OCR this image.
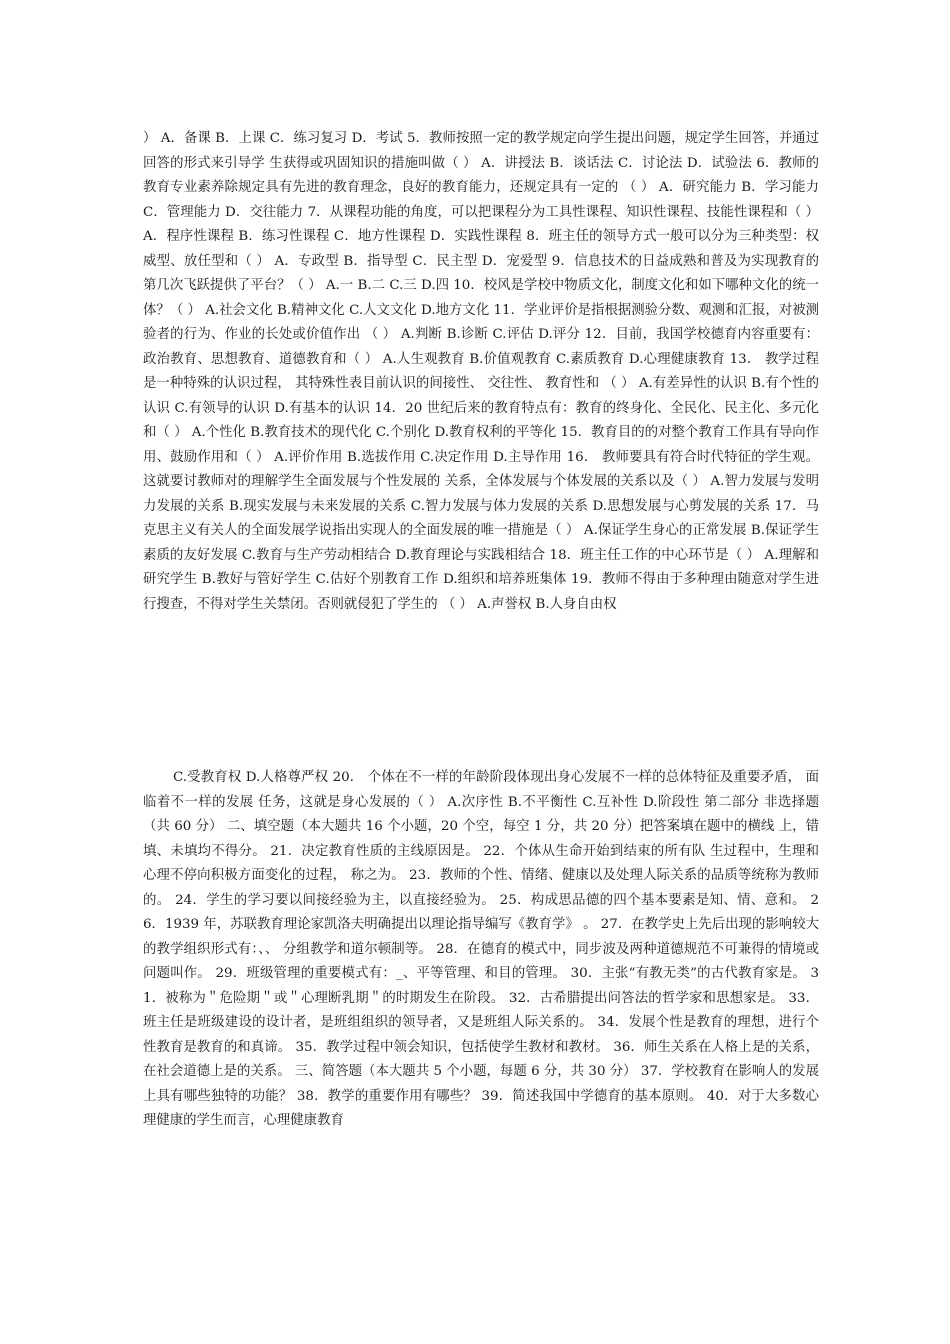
） A．备课 B．上课 C．练习复习 D．考试 5．教师按照一定的教学规定向学生提出问题，规定学生回答，并通过回答的形式来引导学 生获得或巩固知识的措施叫做（ ） A．讲授法 B．谈话法 C．讨论法 D．试验法 6．教师的教育专业素养除规定具有先进的教育理念，良好的教育能力，还规定具有一定的 （ ） A．研究能力 B．学习能力 C．管理能力 D．交往能力 7．从课程功能的角度，可以把课程分为工具性课程、知识性课程、技能性课程和（ ） A．程序性课程 B．练习性课程 C．地方性课程 D．实践性课程 8．班主任的领导方式一般可以分为三种类型：权威型、放任型和（ ） A．专政型 B．指导型 C．民主型 D．宠爱型 9．信息技术的日益成熟和普及为实现教育的第几次飞跃提供了平台？（ ） A.一 B.二 C.三 D.四 10．校风是学校中物质文化，制度文化和如下哪种文化的统一体？（ ） A.社会文化 B.精神文化 C.人文文化 D.地方文化 11．学业评价是指根据测验分数、观测和汇报，对被测验者的行为、作业的长处或价值作出 （ ） A.判断 B.诊断 C.评估 D.评分 12．目前，我国学校德育内容重要有：政治教育、思想教育、道德教育和（ ） A.人生观教育 B.价值观教育 C.素质教育 D.心理健康教育 13． 教学过程是一种特殊的认识过程， 其特殊性表目前认识的间接性、 交往性、 教育性和 （ ） A.有差异性的认识 B.有个性的认识 C.有领导的认识 D.有基本的认识 14．20 世纪后来的教育特点有：教育的终身化、全民化、民主化、多元化和（ ） A.个性化 B.教育技术的现代化 C.个别化 D.教育权利的平等化 15．教育目的的对整个教育工作具有导向作用、鼓励作用和（ ） A.评价作用 B.选拔作用 C.决定作用 D.主导作用 16． 教师要具有符合时代特征的学生观。 这就要讨教师对的理解学生全面发展与个性发展的 关系，全体发展与个体发展的关系以及（ ） A.智力发展与发明力发展的关系 B.现实发展与未来发展的关系 C.智力发展与体力发展的关系 D.思想发展与心剪发展的关系 17．马克思主义有关人的全面发展学说指出实现人的全面发展的唯一措施是（ ） A.保证学生身心的正常发展 B.保证学生素质的友好发展 C.教育与生产劳动相结合 D.教育理论与实践相结合 18．班主任工作的中心环节是（ ） A.理解和研究学生 B.教好与管好学生 C.估好个别教育工作 D.组织和培养班集体 19．教师不得由于多种理由随意对学生进行搜查，不得对学生关禁闭。否则就侵犯了学生的 （ ） A.声誉权 B.人身自由权
C.受教育权 D.人格尊严权 20． 个体在不一样的年龄阶段体现出身心发展不一样的总体特征及重要矛盾， 面临着不一样的发展 任务，这就是身心发展的（ ） A.次序性 B.不平衡性 C.互补性 D.阶段性 第二部分 非选择题（共 60 分） 二、填空题（本大题共 16 个小题，20 个空，每空 1 分，共 20 分）把答案填在题中的横线 上，错填、未填均不得分。 21．决定教育性质的主线原因是。 22．个体从生命开始到结束的所有队 生过程中，生理和心理不停向积极方面变化的过程， 称之为。 23．教师的个性、情绪、健康以及处理人际关系的品质等统称为教师的。 24．学生的学习要以间接经验为主，以直接经验为。 25．构成思品德的四个基本要素是知、情、意和。 26．1939 年，苏联教育理论家凯洛夫明确提出以理论指导编写《教育学》 。 27．在教学史上先后出现的影响较大的教学组织形式有：、、 分组教学和道尔顿制等。 28．在德育的模式中，同步波及两种道德规范不可兼得的情境或问题叫作。 29．班级管理的重要模式有：_、平等管理、和目的管理。 30．主张“有教无类”的古代教育家是。 31．被称为＂危险期＂或＂心理断乳期＂的时期发生在阶段。 32．古希腊提出问答法的哲学家和思想家是。 33．班主任是班级建设的设计者，是班组组织的领导者，又是班组人际关系的。 34．发展个性是教育的理想，进行个性教育是教育的和真谛。 35．教学过程中领会知识，包括使学生教材和教材。 36．师生关系在人格上是的关系，在社会道德上是的关系。 三、简答题（本大题共 5 个小题，每题 6 分，共 30 分） 37．学校教育在影响人的发展上具有哪些独特的功能？ 38．教学的重要作用有哪些？ 39．简述我国中学德育的基本原则。 40．对于大多数心理健康的学生而言，心理健康教育
